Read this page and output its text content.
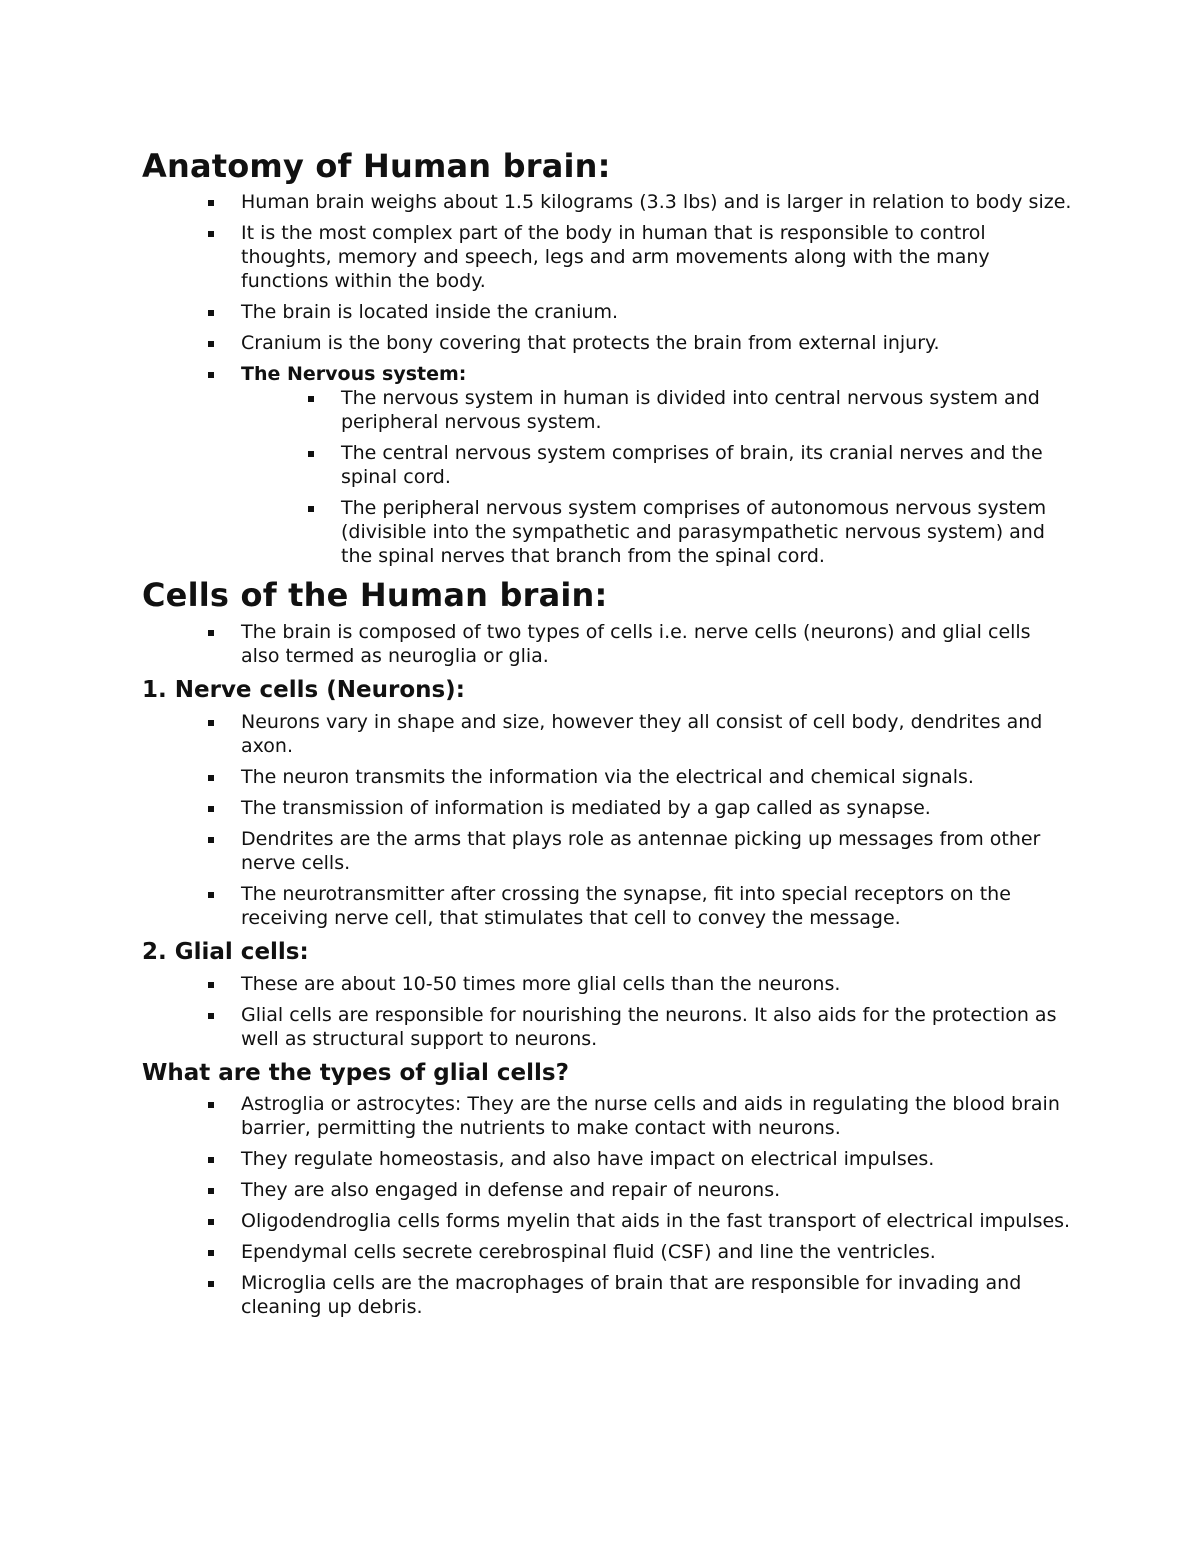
Anatomy of Human brain:
Human brain weighs about 1.5 kilograms (3.3 lbs) and is larger in relation to body size.
It is the most complex part of the body in human that is responsible to control thoughts, memory and speech, legs and arm movements along with the many functions within the body.
The brain is located inside the cranium.
Cranium is the bony covering that protects the brain from external injury.
The Nervous system:
The nervous system in human is divided into central nervous system and peripheral nervous system.
The central nervous system comprises of brain, its cranial nerves and the spinal cord.
The peripheral nervous system comprises of autonomous nervous system (divisible into the sympathetic and parasympathetic nervous system) and the spinal nerves that branch from the spinal cord.
Cells of the Human brain:
The brain is composed of two types of cells i.e. nerve cells (neurons) and glial cells also termed as neuroglia or glia.
1. Nerve cells (Neurons):
Neurons vary in shape and size, however they all consist of cell body, dendrites and axon.
The neuron transmits the information via the electrical and chemical signals.
The transmission of information is mediated by a gap called as synapse.
Dendrites are the arms that plays role as antennae picking up messages from other nerve cells.
The neurotransmitter after crossing the synapse, fit into special receptors on the receiving nerve cell, that stimulates that cell to convey the message.
2. Glial cells:
These are about 10-50 times more glial cells than the neurons.
Glial cells are responsible for nourishing the neurons. It also aids for the protection as well as structural support to neurons.
What are the types of glial cells?
Astroglia or astrocytes: They are the nurse cells and aids in regulating the blood brain barrier, permitting the nutrients to make contact with neurons.
They regulate homeostasis, and also have impact on electrical impulses.
They are also engaged in defense and repair of neurons.
Oligodendroglia cells forms myelin that aids in the fast transport of electrical impulses.
Ependymal cells secrete cerebrospinal fluid (CSF) and line the ventricles.
Microglia cells are the macrophages of brain that are responsible for invading and cleaning up debris.
